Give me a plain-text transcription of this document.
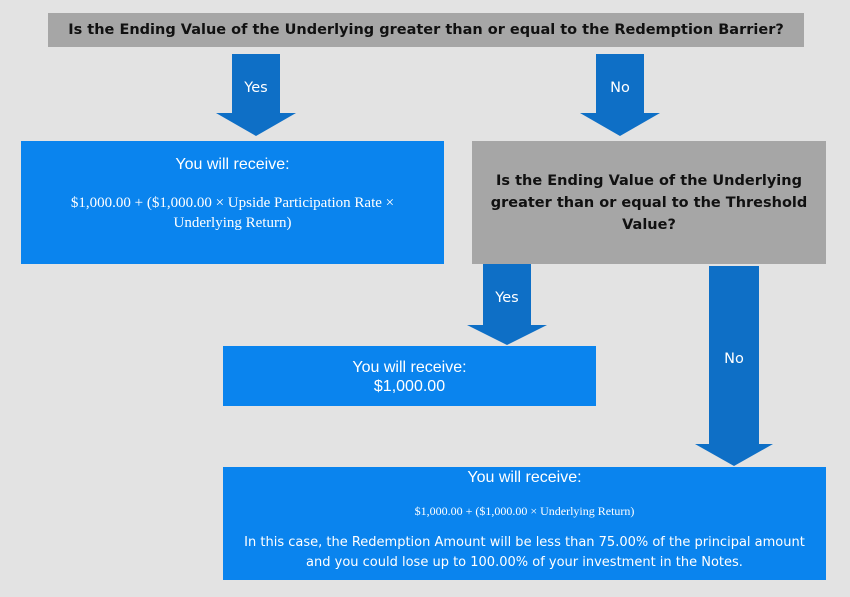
Is the Ending Value of the Underlying greater than or equal to the Redemption Barrier?
Yes	No
You will receive:
$1,000.00 + ($1,000.00 × Upside Participation Rate × Underlying Return)
Is the Ending Value of the Underlying greater than or equal to the Threshold Value?
Yes
No
You will receive:
$1,000.00
You will receive:
$1,000.00 + ($1,000.00 × Underlying Return)
In this case, the Redemption Amount will be less than 75.00% of the principal amount and you could lose up to 100.00% of your investment in the Notes.
